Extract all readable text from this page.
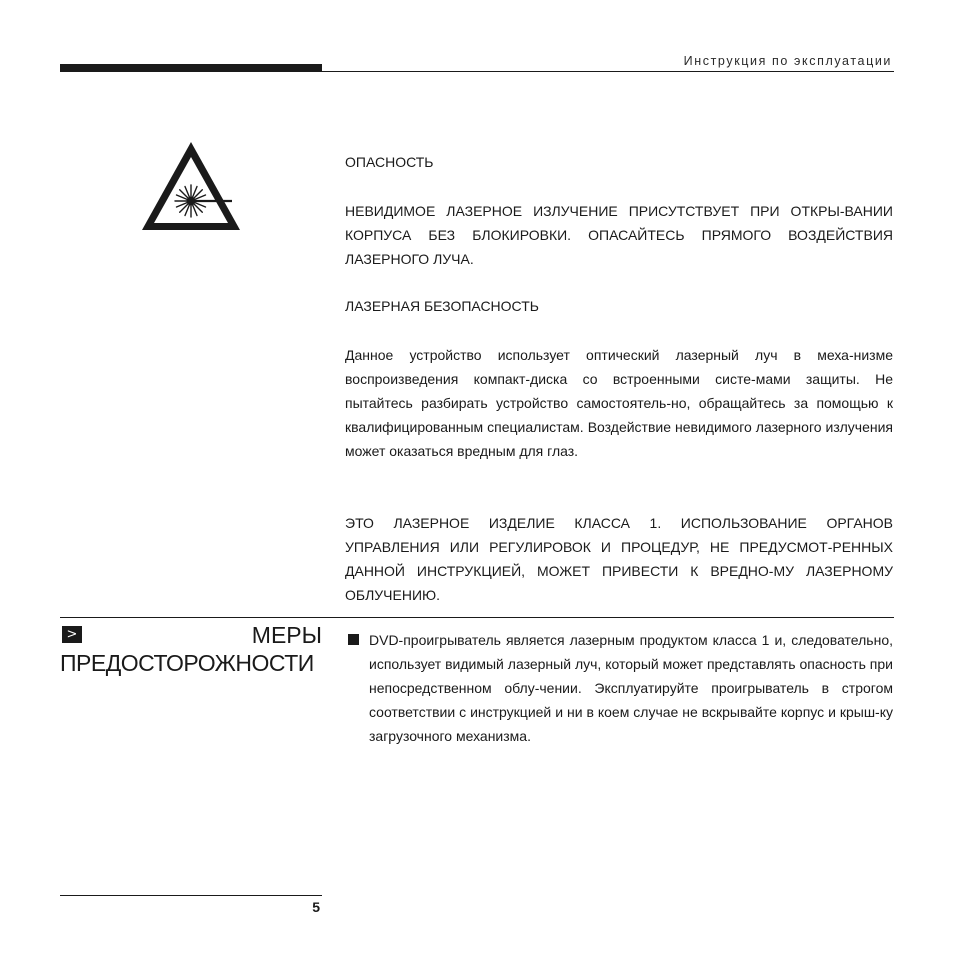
Инструкция по эксплуатации
ОПАСНОСТЬ
НЕВИДИМОЕ ЛАЗЕРНОЕ ИЗЛУЧЕНИЕ ПРИСУТСТВУЕТ ПРИ ОТКРЫ-ВАНИИ КОРПУСА БЕЗ БЛОКИРОВКИ. ОПАСАЙТЕСЬ ПРЯМОГО ВОЗДЕЙСТВИЯ ЛАЗЕРНОГО ЛУЧА.
ЛАЗЕРНАЯ БЕЗОПАСНОСТЬ
Данное устройство использует оптический лазерный луч в меха-низме воспроизведения компакт-диска со встроенными систе-мами защиты. Не пытайтесь разбирать устройство самостоятель-но, обращайтесь за помощью к квалифицированным специалистам. Воздействие невидимого лазерного излучения может оказаться вредным для глаз.
ЭТО ЛАЗЕРНОЕ ИЗДЕЛИЕ КЛАССА 1. ИСПОЛЬЗОВАНИЕ ОРГАНОВ УПРАВЛЕНИЯ ИЛИ РЕГУЛИРОВОК И ПРОЦЕДУР, НЕ ПРЕДУСМОТ-РЕННЫХ ДАННОЙ ИНСТРУКЦИЕЙ, МОЖЕТ ПРИВЕСТИ К ВРЕДНО-МУ ЛАЗЕРНОМУ ОБЛУЧЕНИЮ.
>	МЕРЫ
ПРЕДОСТОРОЖНОСТИ
DVD-проигрыватель является лазерным продуктом класса 1 и, следовательно, использует видимый лазерный луч, который может представлять опасность при непосредственном облу-чении. Эксплуатируйте проигрыватель в строгом соответствии с инструкцией и ни в коем случае не вскрывайте корпус и крыш-ку загрузочного механизма.
5
